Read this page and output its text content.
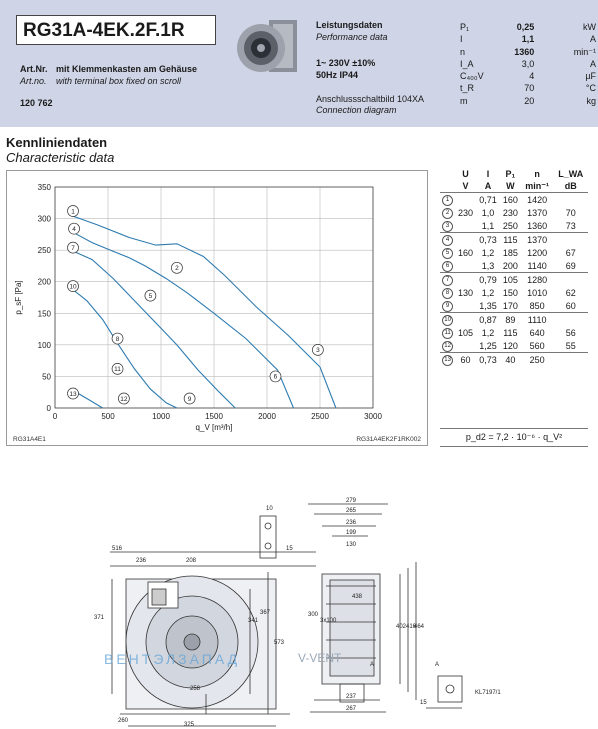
RG31A-4EK.2F.1R
Art.Nr. mit Klemmenkasten am Gehäuse
Art.no. with terminal box fixed on scroll
120 762
Leistungsdaten
Performance data
1~ 230V ±10%
50Hz IP44
Anschlussschaltbild 104XA
Connection diagram
P₁	0,25	kW
I	1,1	A
n	1360	min⁻¹
I_A	3,0	A
C₄₀₀V	4	µF
t_R	70	°C
m	20	kg
Kennliniendaten
Characteristic data
0	500	1000	1500	2000	2500	3000
0
50
100
150
200
250
300
350
1
2
3
4
5
6
7
8
9
10
11
12
13
q_V [m³/h]
p_sF [Pa]
RG31A4E1	RG31A4EK2F1RK002
	U	I	P₁	n	L_WA
	V	A	W	min⁻¹	dB
1		0,71	160	1420	
2	230	1,0	230	1370	70
3		1,1	250	1360	73
4		0,73	115	1370	
5	160	1,2	185	1200	67
6		1,3	200	1140	69
7		0,79	105	1280	
8	130	1,2	150	1010	62
9		1,35	170	850	60
10		0,87	89	1110	
11	105	1,2	115	640	56
12		1,25	120	560	55
13	60	0,73	40	250	
p_d2 = 7,2 · 10⁻⁶ · q_V²
516
236	208
371	341
367
573
258
260
325
10
15
279
265
236
199
130
438
300
3x100
402 416
464
237
267
A	A
15
KL7197/1
ВЕНТЭЛЗАПАД	V-VENT
